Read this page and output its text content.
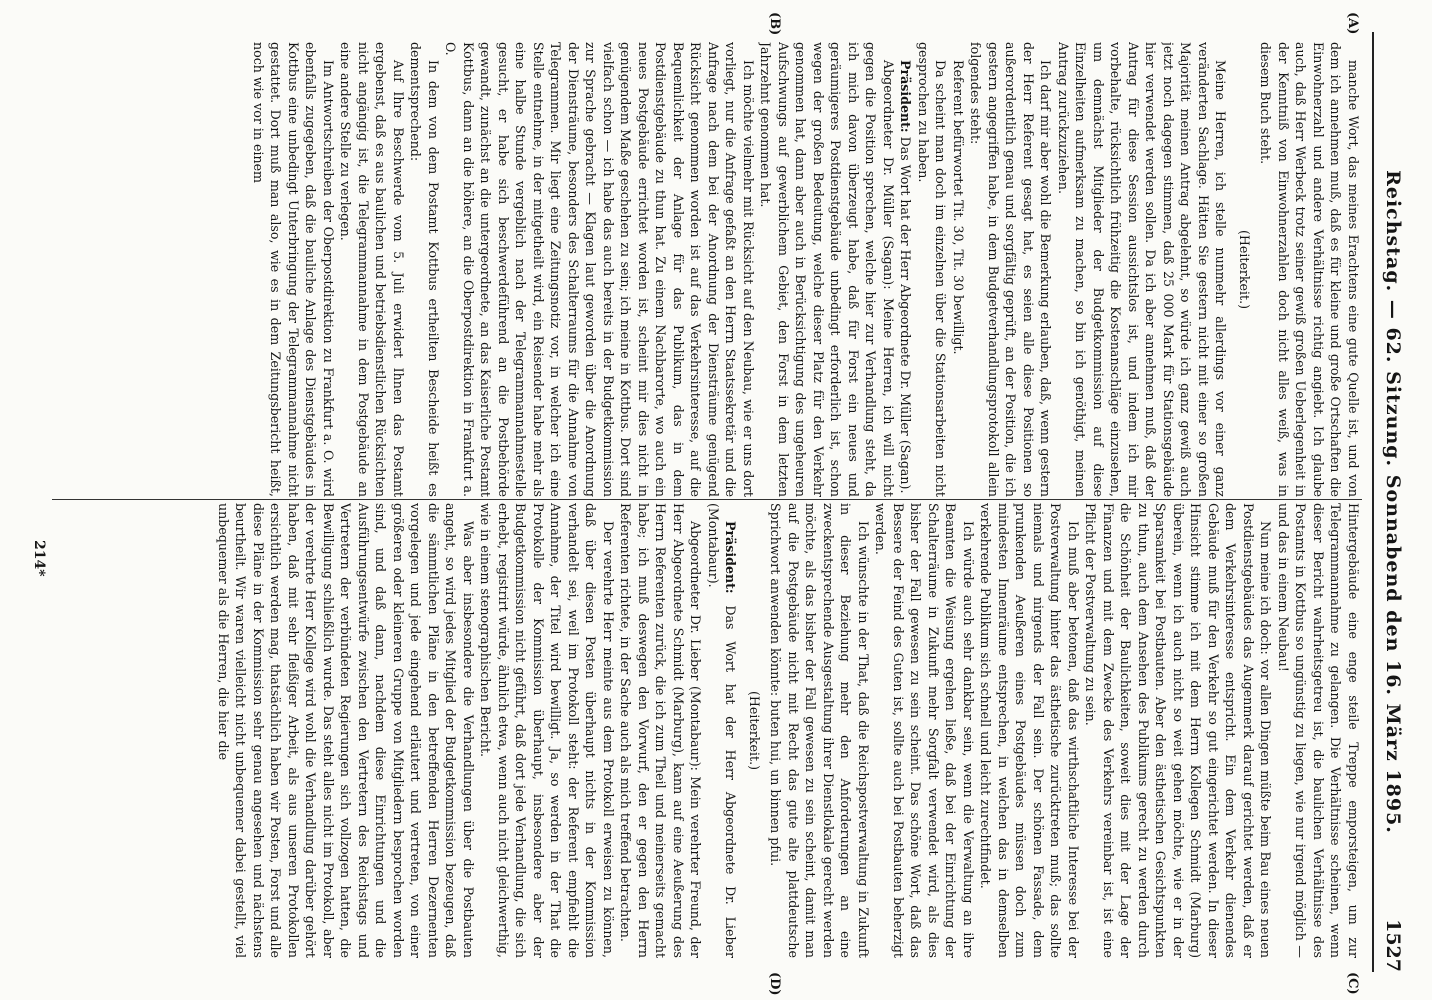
Reichstag. — 62. Sitzung. Sonnabend den 16. März 1895.
1527
(A)
(B)
(C)
(D)

manche Wort, das meines Erachtens eine gute Quelle ist, und von dem ich annehmen muß, daß es für kleine und große Ortschaften die Einwohnerzahl und andere Verhältnisse richtig angiebt. Ich glaube auch, daß Herr Werbeck trotz seiner gewiß großen Ueberlegenheit in der Kenntniß von Einwohnerzahlen doch nicht alles weiß, was in diesem Buch steht.

(Heiterkeit.)

Meine Herren, ich stelle nunmehr allerdings vor einer ganz veränderten Sachlage. Hätten Sie gestern nicht mit einer so großen Majorität meinen Antrag abgelehnt, so würde ich ganz gewiß auch jetzt noch dagegen stimmen, daß 25 000 Mark für Stationsgebäude hier verwendet werden sollen. Da ich aber annehmen muß, daß der Antrag für diese Session aussichtslos ist, und indem ich mir vorbehalte, rücksichtlich frühzeitig die Kostenanschläge einzusehen, um demnächst Mitglieder der Budgetkommission auf diese Einzelheiten aufmerksam zu machen, so bin ich genöthigt, meinen Antrag zurückzuziehen.

Ich darf mir aber wohl die Bemerkung erlauben, daß, wenn gestern der Herr Referent gesagt hat, es seien alle diese Positionen so außerordentlich genau und sorgfältig geprüft, an der Position, die ich gestern angegriffen habe, in dem Budgetverhandlungsprotokoll allein folgendes steht:

Referent befürwortet Tit. 30, Tit. 30 bewilligt.

Da scheint man doch im einzelnen über die Stationsarbeiten nicht gesprochen zu haben.

Präsident: Das Wort hat der Herr Abgeordnete Dr. Müller (Sagan).

Abgeordneter Dr. Müller (Sagan): Meine Herren, ich will nicht gegen die Position sprechen, welche hier zur Verhandlung steht, da ich mich davon überzeugt habe, daß für Forst ein neues und geräumigeres Postdienstgebäude unbedingt erforderlich ist, schon wegen der großen Bedeutung, welche dieser Platz für den Verkehr genommen hat, dann aber auch in Berücksichtigung des ungeheuren Aufschwungs auf gewerblichem Gebiet, den Forst in dem letzten Jahrzehnt genommen hat.

Ich möchte vielmehr mit Rücksicht auf den Neubau, wie er uns dort vorliegt, nur die Anfrage gefaßt an den Herrn Staatssekretär und die Anfrage nach dem bei der Anordnung der Diensträume genügend Rücksicht genommen worden ist auf das Verkehrsinteresse, auf die Bequemlichkeit der Anlage für das Publikum, das in dem Postdienstgebäude zu thun hat. Zu einem Nachbarorte, wo auch ein neues Postgebäude errichtet worden ist, scheint mir dies nicht in genügendem Maße geschehen zu sein; ich meine in Kottbus. Dort sind vielfach schon — ich habe das auch bereits in der Budgetkommission zur Sprache gebracht — Klagen laut geworden über die Anordnung der Diensträume, besonders des Schalterraums für die Annahme von Telegrammen. Mir liegt eine Zeitungsnotiz vor, in welcher ich eine Stelle entnehme, in der mitgetheilt wird, ein Reisender habe mehr als eine halbe Stunde vergeblich nach der Telegrammannahmestelle gesucht, er habe sich beschwerdeführend an die Postbehörde gewandt, zunächst an die untergeordnete, an das Kaiserliche Postamt Kottbus, dann an die höhere, an die Oberpostdirektion in Frankfurt a. O.

In dem von dem Postamt Kottbus ertheilten Bescheide heißt es dementsprechend:

Auf Ihre Beschwerde vom 5. Juli erwidert Ihnen das Postamt ergebenst, daß es aus baulichen und betriebsdienstlichen Rücksichten nicht angängig ist, die Telegrammannahme in dem Postgebäude an eine andere Stelle zu verlegen.

Im Antwortschreiben der Oberpostdirektion zu Frankfurt a. O. wird ebenfalls zugegeben, daß die bauliche Anlage des Dienstgebäudes in Kottbus eine unbedingt Unterbringung der Telegrammannahme nicht gestattet. Dort muß man also, wie es in dem Zeitungsbericht heißt, noch wie vor in einem

Hintergebäude eine enge steile Treppe emporsteigen, um zur Telegrammannahme zu gelangen. Die Verhältnisse scheinen, wenn dieser Bericht wahrheitsgetreu ist, die baulichen Verhältnisse des Postamts in Kottbus so ungünstig zu liegen, wie nur irgend möglich — und das in einem Neubau!

Nun meine ich doch: vor allen Dingen müßte beim Bau eines neuen Postdienstgebäudes das Augenmerk darauf gerichtet werden, daß er dem Verkehrsinteresse entspricht. Ein dem Verkehr dienendes Gebäude muß für den Verkehr so gut eingerichtet werden. In dieser Hinsicht stimme ich mit dem Herrn Kollegen Schmidt (Marburg) überein, wenn ich auch nicht so weit gehen möchte, wie er in der Sparsamkeit bei Postbauten. Aber den ästhetischen Gesichtspunkten zu thun, auch dem Ansehen des Publikums gerecht zu werden durch die Schönheit der Baulichkeiten, soweit dies mit der Lage der Finanzen und mit dem Zwecke des Verkehrs vereinbar ist, ist eine Pflicht der Postverwaltung zu sein.

Ich muß aber betonen, daß das wirthschaftliche Interesse bei der Postverwaltung hinter das ästhetische zurücktreten muß; das sollte niemals und nirgends der Fall sein. Der schönen Fassade, dem prunkenden Aeußeren eines Postgebäudes müssen doch zum mindesten Innenräume entsprechen, in welchen das in demselben verkehrende Publikum sich schnell und leicht zurechtfindet.

Ich würde auch sehr dankbar sein, wenn die Verwaltung an ihre Beamten die Weisung ergehen ließe, daß bei der Einrichtung der Schalterräume in Zukunft mehr Sorgfalt verwendet wird, als dies bisher der Fall gewesen zu sein scheint. Das schöne Wort, daß das Bessere der Feind des Guten ist, sollte auch bei Postbauten beherzigt werden.

Ich wünschte in der That, daß die Reichspostverwaltung in Zukunft in dieser Beziehung mehr den Anforderungen an eine zweckentsprechende Ausgestaltung ihrer Dienstlokale gerecht werden möchte, als das bisher der Fall gewesen zu sein scheint, damit man auf die Postgebäude nicht mit Recht das gute alte plattdeutsche Sprichwort anwenden könnte: buten hui, un binnen pfui.

(Heiterkeit.)

Präsident: Das Wort hat der Herr Abgeordnete Dr. Lieber (Montabaur).

Abgeordneter Dr. Lieber (Montabaur): Mein verehrter Freund, der Herr Abgeordnete Schmidt (Marburg), kann auf eine Aeußerung des Herrn Referenten zurück, die ich zum Theil und meinerseits gemacht habe; ich muß deswegen den Vorwurf, den er gegen den Herrn Referenten richtete, in der Sache auch als mich treffend betrachten.

Der verehrte Herr meinte aus dem Protokoll erweisen zu können, daß über diesen Posten überhaupt nichts in der Kommission verhandelt sei, weil im Protokoll steht: der Referent empfiehlt die Annahme, der Titel wird bewilligt. Ja, so werden in der That die Protokolle der Kommission überhaupt, insbesondere aber der Budgetkommission nicht geführt, daß dort jede Verhandlung, die sich erhebt, registrirt würde, ähnlich etwa, wenn auch nicht gleichwerthig, wie in einem stenographischen Bericht.

Was aber insbesondere die Verhandlungen über die Postbauten angeht, so wird jedes Mitglied der Budgetkommission bezeugen, daß die sämmtlichen Pläne in den betreffenden Herren Dezernenten vorgelegen und jede eingehend erläutert und vertreten, von einer größeren oder kleineren Gruppe von Mitgliedern besprochen worden sind, und daß dann, nachdem diese Einrichtungen und die Ausführungsentwürfe zwischen den Vertretern des Reichstags und Vertretern der verbündeten Regierungen sich vollzogen hatten, die Bewilligung schließlich wurde. Das steht alles nicht im Protokoll, aber der verehrte Herr Kollege wird wohl die Verhandlung darüber gehört haben, daß mit sehr fleißiger Arbeit, als aus unseren Protokollen ersichtlich werden mag, thatsächlich haben wir Posten, Forst und alle diese Pläne in der Kommission sehr genau angesehen und nächstens beurtheilt. Wir waren vielleicht nicht unbequemer dabei gestellt, viel unbequemer als die Herren, die hier die

214*
